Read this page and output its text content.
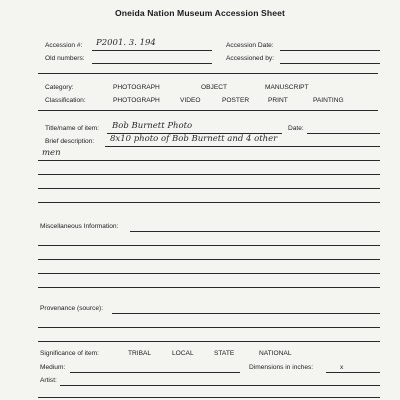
Oneida Nation Museum Accession Sheet
Accession #: P2001. 3. 194	Accession Date:
Old numbers:	Accessioned by:
Category:	PHOTOGRAPH	OBJECT	MANUSCRIPT
Classification:	PHOTOGRAPH	VIDEO	POSTER	PRINT	PAINTING
Title/name of item: Bob Burnett Photo	Date:
Brief description: 8x10 photo of Bob Burnett and 4 other
men
Miscellaneous Information:
Provenance (source):
Significance of item:	TRIBAL	LOCAL	STATE	NATIONAL
Medium:	Dimensions in inches:	x
Artist:
